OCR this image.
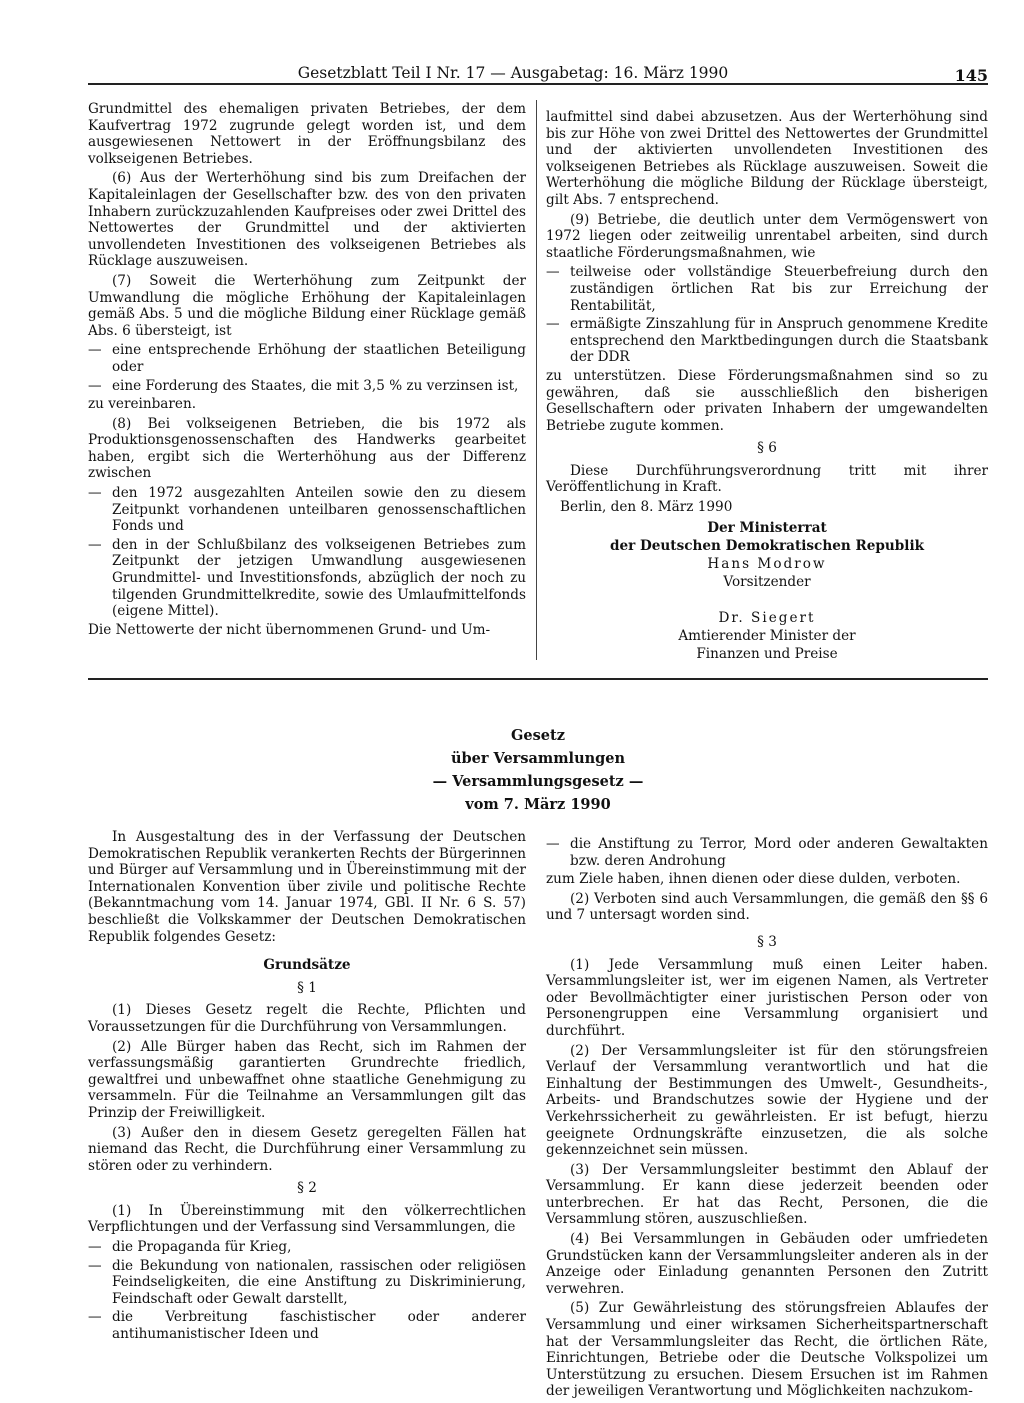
Gesetzblatt Teil I Nr. 17 — Ausgabetag: 16. März 1990	145

Grundmittel des ehemaligen privaten Betriebes, der dem Kaufvertrag 1972 zugrunde gelegt worden ist, und dem ausgewiesenen Nettowert in der Eröffnungsbilanz des volkseigenen Betriebes.

(6) Aus der Werterhöhung sind bis zum Dreifachen der Kapitaleinlagen der Gesellschafter bzw. des von den privaten Inhabern zurückzuzahlenden Kaufpreises oder zwei Drittel des Nettowertes der Grundmittel und der aktivierten unvollendeten Investitionen des volkseigenen Betriebes als Rücklage auszuweisen.

(7) Soweit die Werterhöhung zum Zeitpunkt der Umwandlung die mögliche Erhöhung der Kapitaleinlagen gemäß Abs. 5 und die mögliche Bildung einer Rücklage gemäß Abs. 6 übersteigt, ist

— eine entsprechende Erhöhung der staatlichen Beteiligung oder
— eine Forderung des Staates, die mit 3,5 % zu verzinsen ist,

zu vereinbaren.

(8) Bei volkseigenen Betrieben, die bis 1972 als Produktionsgenossenschaften des Handwerks gearbeitet haben, ergibt sich die Werterhöhung aus der Differenz zwischen

— den 1972 ausgezahlten Anteilen sowie den zu diesem Zeitpunkt vorhandenen unteilbaren genossenschaftlichen Fonds und
— den in der Schlußbilanz des volkseigenen Betriebes zum Zeitpunkt der jetzigen Umwandlung ausgewiesenen Grundmittel- und Investitionsfonds, abzüglich der noch zu tilgenden Grundmittelkredite, sowie des Umlaufmittelfonds (eigene Mittel).

Die Nettowerte der nicht übernommenen Grund- und Um-

laufmittel sind dabei abzusetzen. Aus der Werterhöhung sind bis zur Höhe von zwei Drittel des Nettowertes der Grundmittel und der aktivierten unvollendeten Investitionen des volkseigenen Betriebes als Rücklage auszuweisen. Soweit die Werterhöhung die mögliche Bildung der Rücklage übersteigt, gilt Abs. 7 entsprechend.

(9) Betriebe, die deutlich unter dem Vermögenswert von 1972 liegen oder zeitweilig unrentabel arbeiten, sind durch staatliche Förderungsmaßnahmen, wie

— teilweise oder vollständige Steuerbefreiung durch den zuständigen örtlichen Rat bis zur Erreichung der Rentabilität,
— ermäßigte Zinszahlung für in Anspruch genommene Kredite entsprechend den Marktbedingungen durch die Staatsbank der DDR

zu unterstützen. Diese Förderungsmaßnahmen sind so zu gewähren, daß sie ausschließlich den bisherigen Gesellschaftern oder privaten Inhabern der umgewandelten Betriebe zugute kommen.

§ 6

Diese Durchführungsverordnung tritt mit ihrer Veröffentlichung in Kraft.

Berlin, den 8. März 1990

Der Ministerrat
der Deutschen Demokratischen Republik
Hans Modrow
Vorsitzender
Dr. Siegert
Amtierender Minister der
Finanzen und Preise
Gesetz
über Versammlungen
— Versammlungsgesetz —
vom 7. März 1990

In Ausgestaltung des in der Verfassung der Deutschen Demokratischen Republik verankerten Rechts der Bürgerinnen und Bürger auf Versammlung und in Übereinstimmung mit der Internationalen Konvention über zivile und politische Rechte (Bekanntmachung vom 14. Januar 1974, GBl. II Nr. 6 S. 57) beschließt die Volkskammer der Deutschen Demokratischen Republik folgendes Gesetz:

Grundsätze
§ 1

(1) Dieses Gesetz regelt die Rechte, Pflichten und Voraussetzungen für die Durchführung von Versammlungen.

(2) Alle Bürger haben das Recht, sich im Rahmen der verfassungsmäßig garantierten Grundrechte friedlich, gewaltfrei und unbewaffnet ohne staatliche Genehmigung zu versammeln. Für die Teilnahme an Versammlungen gilt das Prinzip der Freiwilligkeit.

(3) Außer den in diesem Gesetz geregelten Fällen hat niemand das Recht, die Durchführung einer Versammlung zu stören oder zu verhindern.

§ 2

(1) In Übereinstimmung mit den völkerrechtlichen Verpflichtungen und der Verfassung sind Versammlungen, die

— die Propaganda für Krieg,
— die Bekundung von nationalen, rassischen oder religiösen Feindseligkeiten, die eine Anstiftung zu Diskriminierung, Feindschaft oder Gewalt darstellt,
— die Verbreitung faschistischer oder anderer antihumanistischer Ideen und
— die Anstiftung zu Terror, Mord oder anderen Gewaltakten bzw. deren Androhung

zum Ziele haben, ihnen dienen oder diese dulden, verboten.

(2) Verboten sind auch Versammlungen, die gemäß den §§ 6 und 7 untersagt worden sind.

§ 3

(1) Jede Versammlung muß einen Leiter haben. Versammlungsleiter ist, wer im eigenen Namen, als Vertreter oder Bevollmächtigter einer juristischen Person oder von Personengruppen eine Versammlung organisiert und durchführt.

(2) Der Versammlungsleiter ist für den störungsfreien Verlauf der Versammlung verantwortlich und hat die Einhaltung der Bestimmungen des Umwelt-, Gesundheits-, Arbeits- und Brandschutzes sowie der Hygiene und der Verkehrssicherheit zu gewährleisten. Er ist befugt, hierzu geeignete Ordnungskräfte einzusetzen, die als solche gekennzeichnet sein müssen.

(3) Der Versammlungsleiter bestimmt den Ablauf der Versammlung. Er kann diese jederzeit beenden oder unterbrechen. Er hat das Recht, Personen, die die Versammlung stören, auszuschließen.

(4) Bei Versammlungen in Gebäuden oder umfriedeten Grundstücken kann der Versammlungsleiter anderen als in der Anzeige oder Einladung genannten Personen den Zutritt verwehren.

(5) Zur Gewährleistung des störungsfreien Ablaufes der Versammlung und einer wirksamen Sicherheitspartnerschaft hat der Versammlungsleiter das Recht, die örtlichen Räte, Einrichtungen, Betriebe oder die Deutsche Volkspolizei um Unterstützung zu ersuchen. Diesem Ersuchen ist im Rahmen der jeweiligen Verantwortung und Möglichkeiten nachzukom-
